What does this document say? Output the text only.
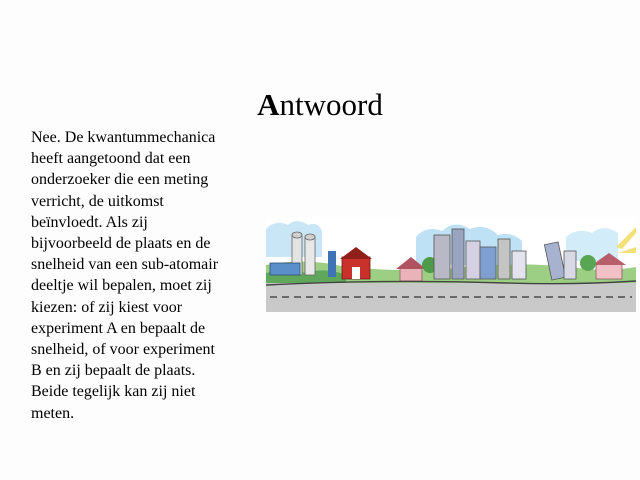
Antwoord
Nee. De kwantummechanica
heeft aangetoond dat een
onderzoeker die een meting
verricht, de uitkomst
beïnvloedt. Als zij
bijvoorbeeld de plaats en de
snelheid van een sub-atomair
deeltje wil bepalen, moet zij
kiezen: of zij kiest voor
experiment A en bepaalt de
snelheid, of voor experiment
B en zij bepaalt de plaats.
Beide tegelijk kan zij niet
meten.
